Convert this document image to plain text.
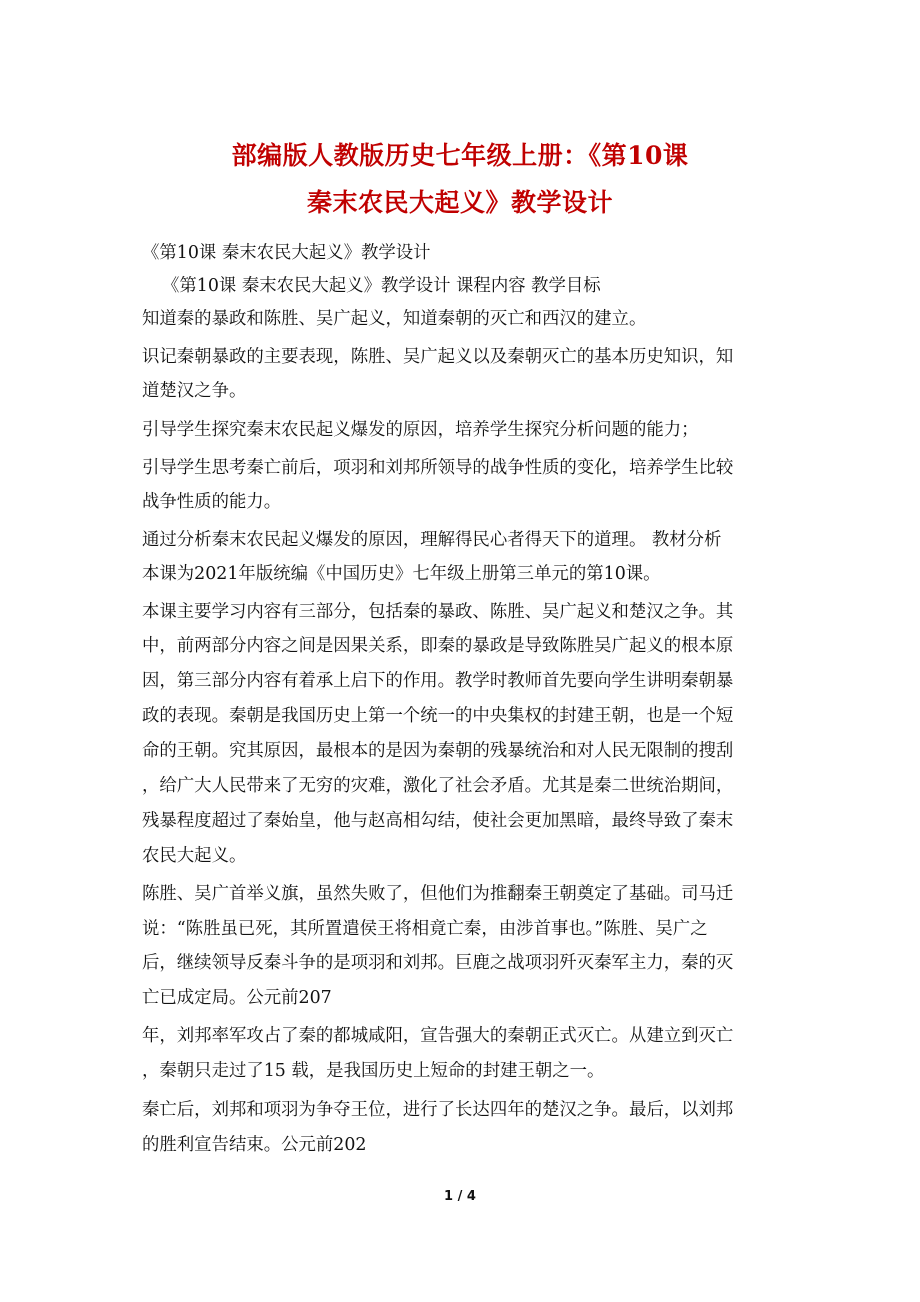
部编版人教版历史七年级上册：《第10课
秦末农民大起义》教学设计
《第10课 秦末农民大起义》教学设计
《第10课 秦末农民大起义》教学设计 课程内容 教学目标
知道秦的暴政和陈胜、吴广起义，知道秦朝的灭亡和西汉的建立。
识记秦朝暴政的主要表现，陈胜、吴广起义以及秦朝灭亡的基本历史知识，知
道楚汉之争。
引导学生探究秦末农民起义爆发的原因，培养学生探究分析问题的能力；
引导学生思考秦亡前后，项羽和刘邦所领导的战争性质的变化，培养学生比较
战争性质的能力。
通过分析秦末农民起义爆发的原因，理解得民心者得天下的道理。 教材分析
本课为2021年版统编《中国历史》七年级上册第三单元的第10课。
本课主要学习内容有三部分，包括秦的暴政、陈胜、吴广起义和楚汉之争。其
中，前两部分内容之间是因果关系，即秦的暴政是导致陈胜吴广起义的根本原
因，第三部分内容有着承上启下的作用。教学时教师首先要向学生讲明秦朝暴
政的表现。秦朝是我国历史上第一个统一的中央集权的封建王朝，也是一个短
命的王朝。究其原因，最根本的是因为秦朝的残暴统治和对人民无限制的搜刮
，给广大人民带来了无穷的灾难，激化了社会矛盾。尤其是秦二世统治期间，
残暴程度超过了秦始皇，他与赵高相勾结，使社会更加黑暗，最终导致了秦末
农民大起义。
陈胜、吴广首举义旗，虽然失败了，但他们为推翻秦王朝奠定了基础。司马迁
说：“陈胜虽已死，其所置遣侯王将相竟亡秦，由涉首事也。”陈胜、吴广之
后，继续领导反秦斗争的是项羽和刘邦。巨鹿之战项羽歼灭秦军主力，秦的灭
亡已成定局。公元前207
年，刘邦率军攻占了秦的都城咸阳，宣告强大的秦朝正式灭亡。从建立到灭亡
，秦朝只走过了15 载，是我国历史上短命的封建王朝之一。
秦亡后，刘邦和项羽为争夺王位，进行了长达四年的楚汉之争。最后，以刘邦
的胜利宣告结束。公元前202
1 / 4
